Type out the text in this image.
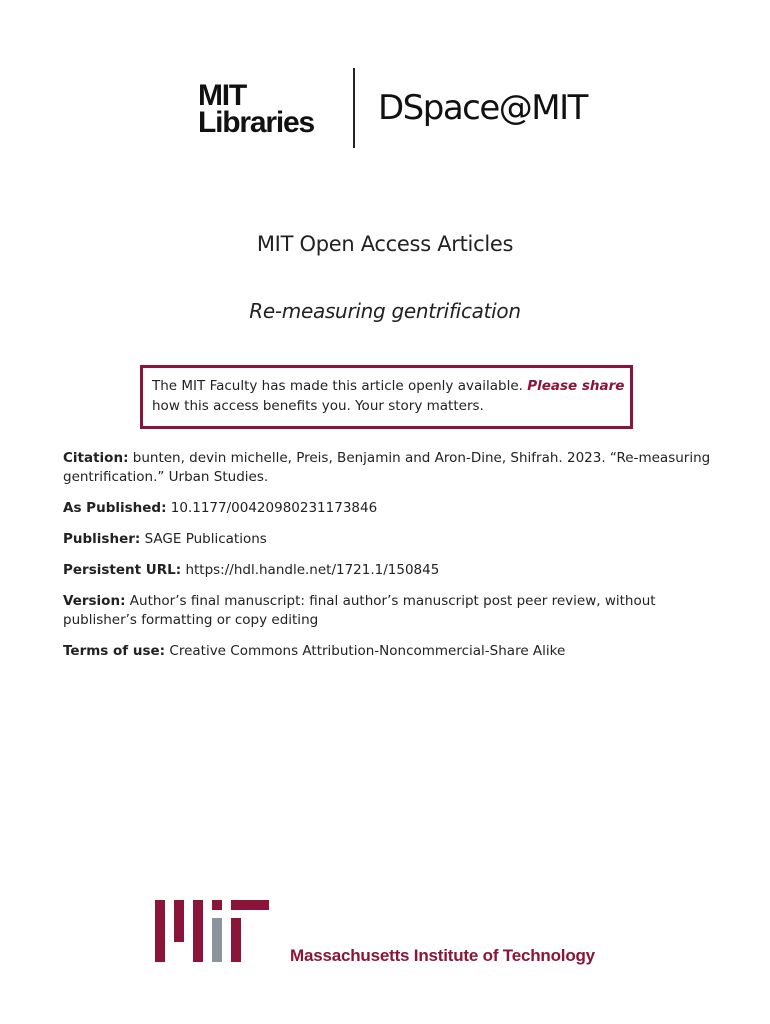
MIT
Libraries DSpace@MIT
MIT Open Access Articles
Re-measuring gentrification
The MIT Faculty has made this article openly available. Please share
how this access benefits you. Your story matters.
Citation: bunten, devin michelle, Preis, Benjamin and Aron-Dine, Shifrah. 2023. “Re-measuring gentrification.” Urban Studies.
As Published: 10.1177/00420980231173846
Publisher: SAGE Publications
Persistent URL: https://hdl.handle.net/1721.1/150845
Version: Author’s final manuscript: final author’s manuscript post peer review, without publisher’s formatting or copy editing
Terms of use: Creative Commons Attribution-Noncommercial-Share Alike
Massachusetts Institute of Technology
